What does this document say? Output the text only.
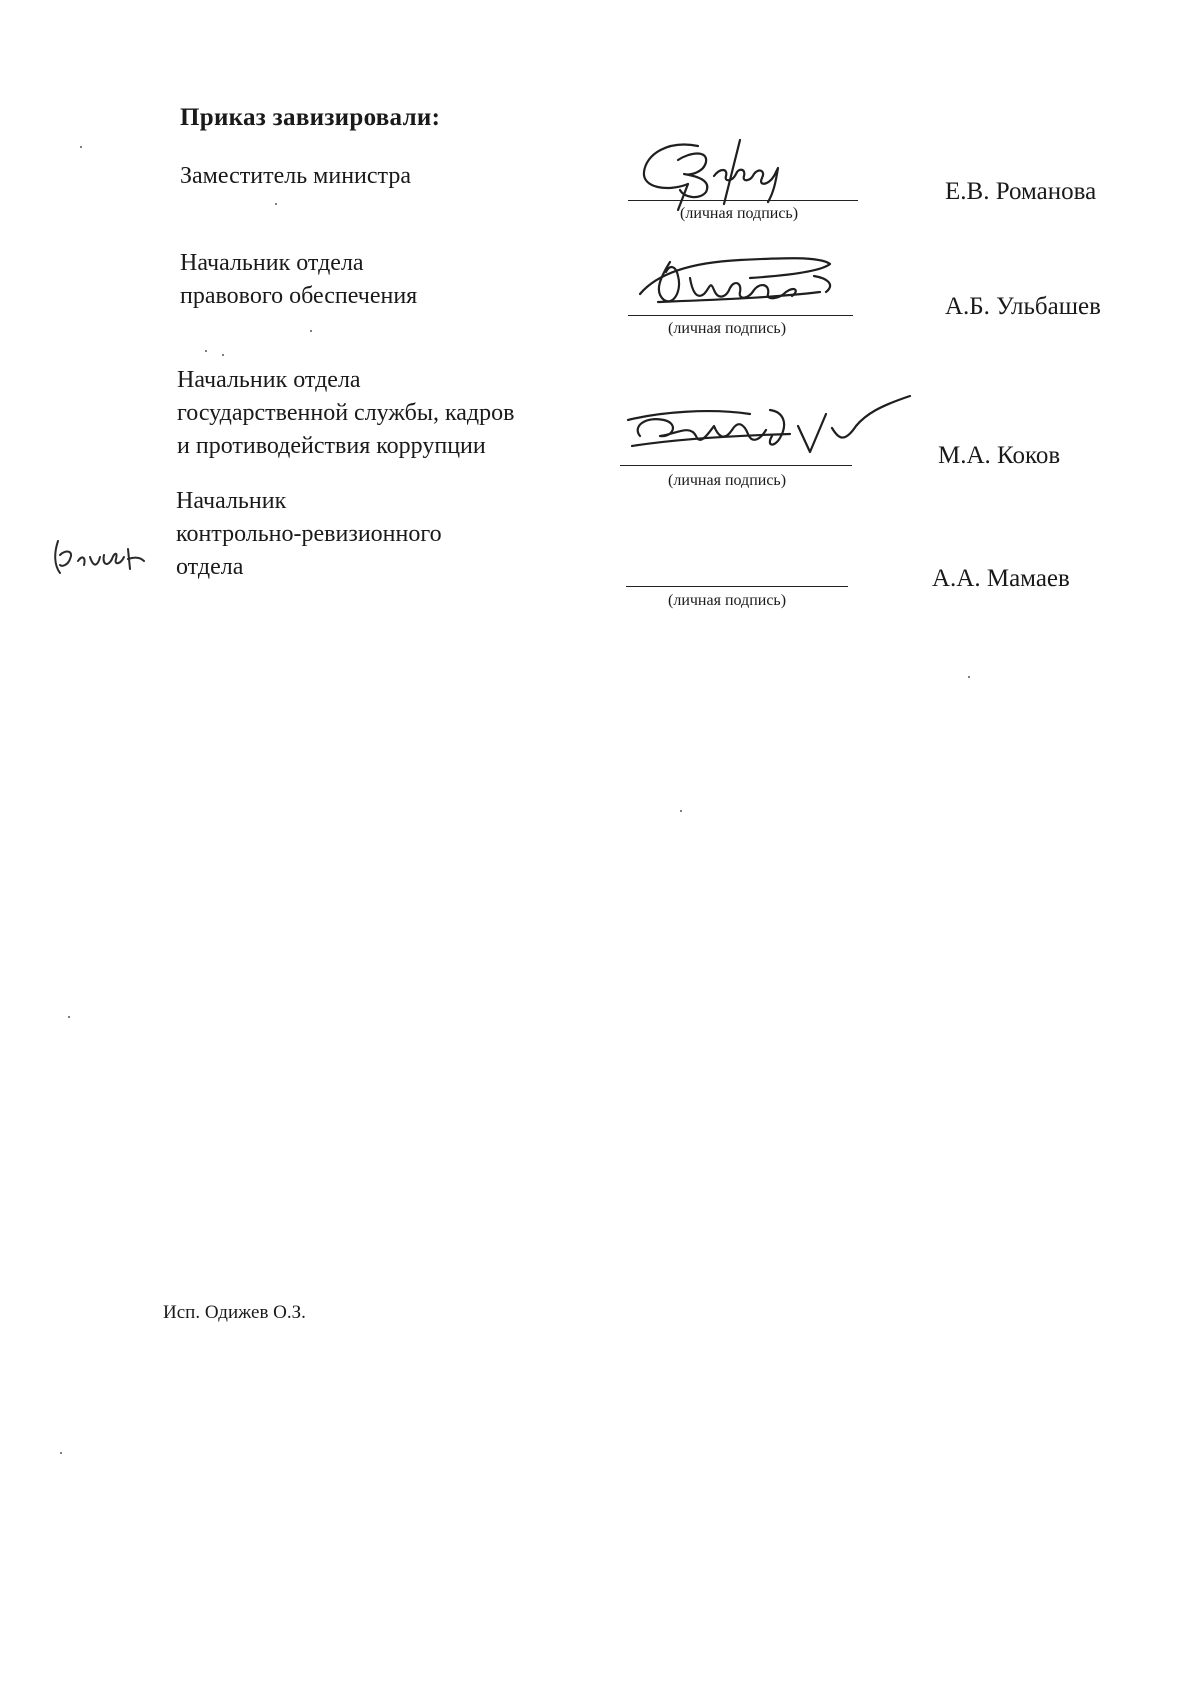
Приказ завизировали:
Заместитель министра
(личная подпись)
Е.В. Романова
Начальник отдела
правового обеспечения
(личная подпись)
А.Б. Ульбашев
Начальник отдела
государственной службы, кадров
и противодействия коррупции
(личная подпись)
М.А. Коков
Начальник
контрольно-ревизионного
отдела
(личная подпись)
А.А. Мамаев
Исп. Одижев О.З.
